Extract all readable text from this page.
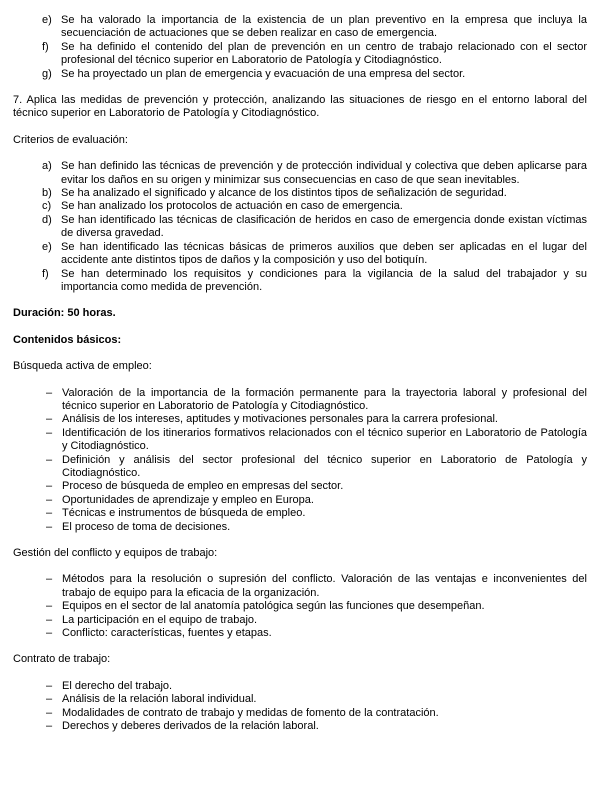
e) Se ha valorado la importancia de la existencia de un plan preventivo en la empresa que incluya la secuenciación de actuaciones que se deben realizar en caso de emergencia.
f) Se ha definido el contenido del plan de prevención en un centro de trabajo relacionado con el sector profesional del técnico superior en Laboratorio de Patología y Citodiagnóstico.
g) Se ha proyectado un plan de emergencia y evacuación de una empresa del sector.

7. Aplica las medidas de prevención y protección, analizando las situaciones de riesgo en el entorno laboral del técnico superior en Laboratorio de Patología y Citodiagnóstico.

Criterios de evaluación:

a) Se han definido las técnicas de prevención y de protección individual y colectiva que deben aplicarse para evitar los daños en su origen y minimizar sus consecuencias en caso de que sean inevitables.
b) Se ha analizado el significado y alcance de los distintos tipos de señalización de seguridad.
c) Se han analizado los protocolos de actuación en caso de emergencia.
d) Se han identificado las técnicas de clasificación de heridos en caso de emergencia donde existan víctimas de diversa gravedad.
e) Se han identificado las técnicas básicas de primeros auxilios que deben ser aplicadas en el lugar del accidente ante distintos tipos de daños y la composición y uso del botiquín.
f) Se han determinado los requisitos y condiciones para la vigilancia de la salud del trabajador y su importancia como medida de prevención.

Duración: 50 horas.

Contenidos básicos:

Búsqueda activa de empleo:

– Valoración de la importancia de la formación permanente para la trayectoria laboral y profesional del técnico superior en Laboratorio de Patología y Citodiagnóstico.
– Análisis de los intereses, aptitudes y motivaciones personales para la carrera profesional.
– Identificación de los itinerarios formativos relacionados con el técnico superior en Laboratorio de Patología y Citodiagnóstico.
– Definición y análisis del sector profesional del técnico superior en Laboratorio de Patología y Citodiagnóstico.
– Proceso de búsqueda de empleo en empresas del sector.
– Oportunidades de aprendizaje y empleo en Europa.
– Técnicas e instrumentos de búsqueda de empleo.
– El proceso de toma de decisiones.

Gestión del conflicto y equipos de trabajo:

– Métodos para la resolución o supresión del conflicto. Valoración de las ventajas e inconvenientes del trabajo de equipo para la eficacia de la organización.
– Equipos en el sector de lal anatomía patológica según las funciones que desempeñan.
– La participación en el equipo de trabajo.
– Conflicto: características, fuentes y etapas.

Contrato de trabajo:

– El derecho del trabajo.
– Análisis de la relación laboral individual.
– Modalidades de contrato de trabajo y medidas de fomento de la contratación.
– Derechos y deberes derivados de la relación laboral.
